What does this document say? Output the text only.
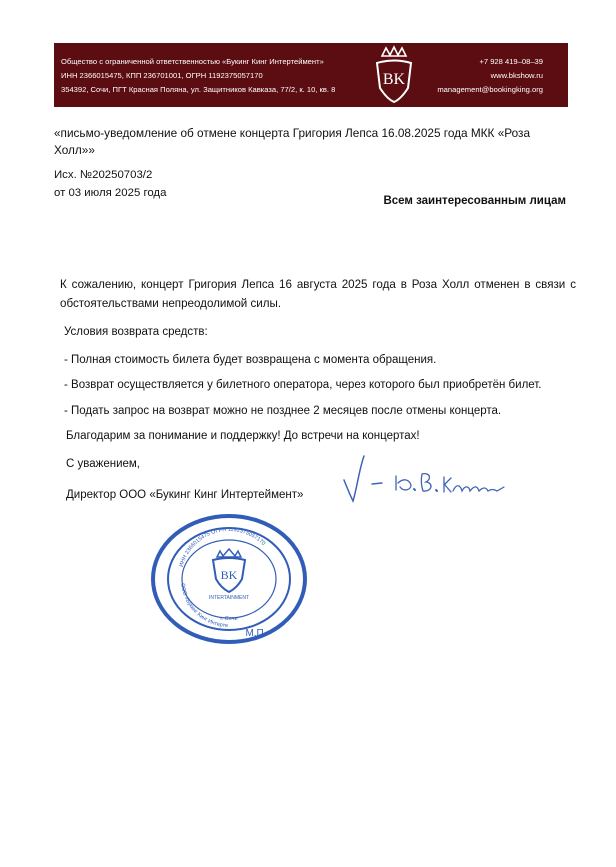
Общество с ограниченной ответственностью «Букинг Кинг Интертеймент»
ИНН 2366015475, КПП 236701001, ОГРН 1192375057170
354392, Сочи, ПГТ Красная Поляна, ул. Защитников Кавказа, 77/2, к. 10, кв. 8
BK
+7 928 419–08–39
www.bkshow.ru
management@bookingking.org
«письмо-уведомление об отмене концерта Григория Лепса 16.08.2025 года МКК «Роза Холл»»
Исх. №20250703/2
от 03 июля 2025 года
Всем заинтересованным лицам
К сожалению, концерт Григория Лепса 16 августа 2025 года в Роза Холл отменен в связи с обстоятельствами непреодолимой силы.
Условия возврата средств:
- Полная стоимость билета будет возвращена с момента обращения.
- Возврат осуществляется у билетного оператора, через которого был приобретён билет.
- Подать запрос на возврат можно не позднее 2 месяцев после отмены концерта.
Благодарим за понимание и поддержку! До встречи на концертах!
С уважением,
Директор ООО «Букинг Кинг Интертеймент»
ИНН 2366015475 ОГРН 1192375057170
ООО «Букинг Кинг Интерте
BK
INTERTAINMENT
г. Сочи
М.П.
